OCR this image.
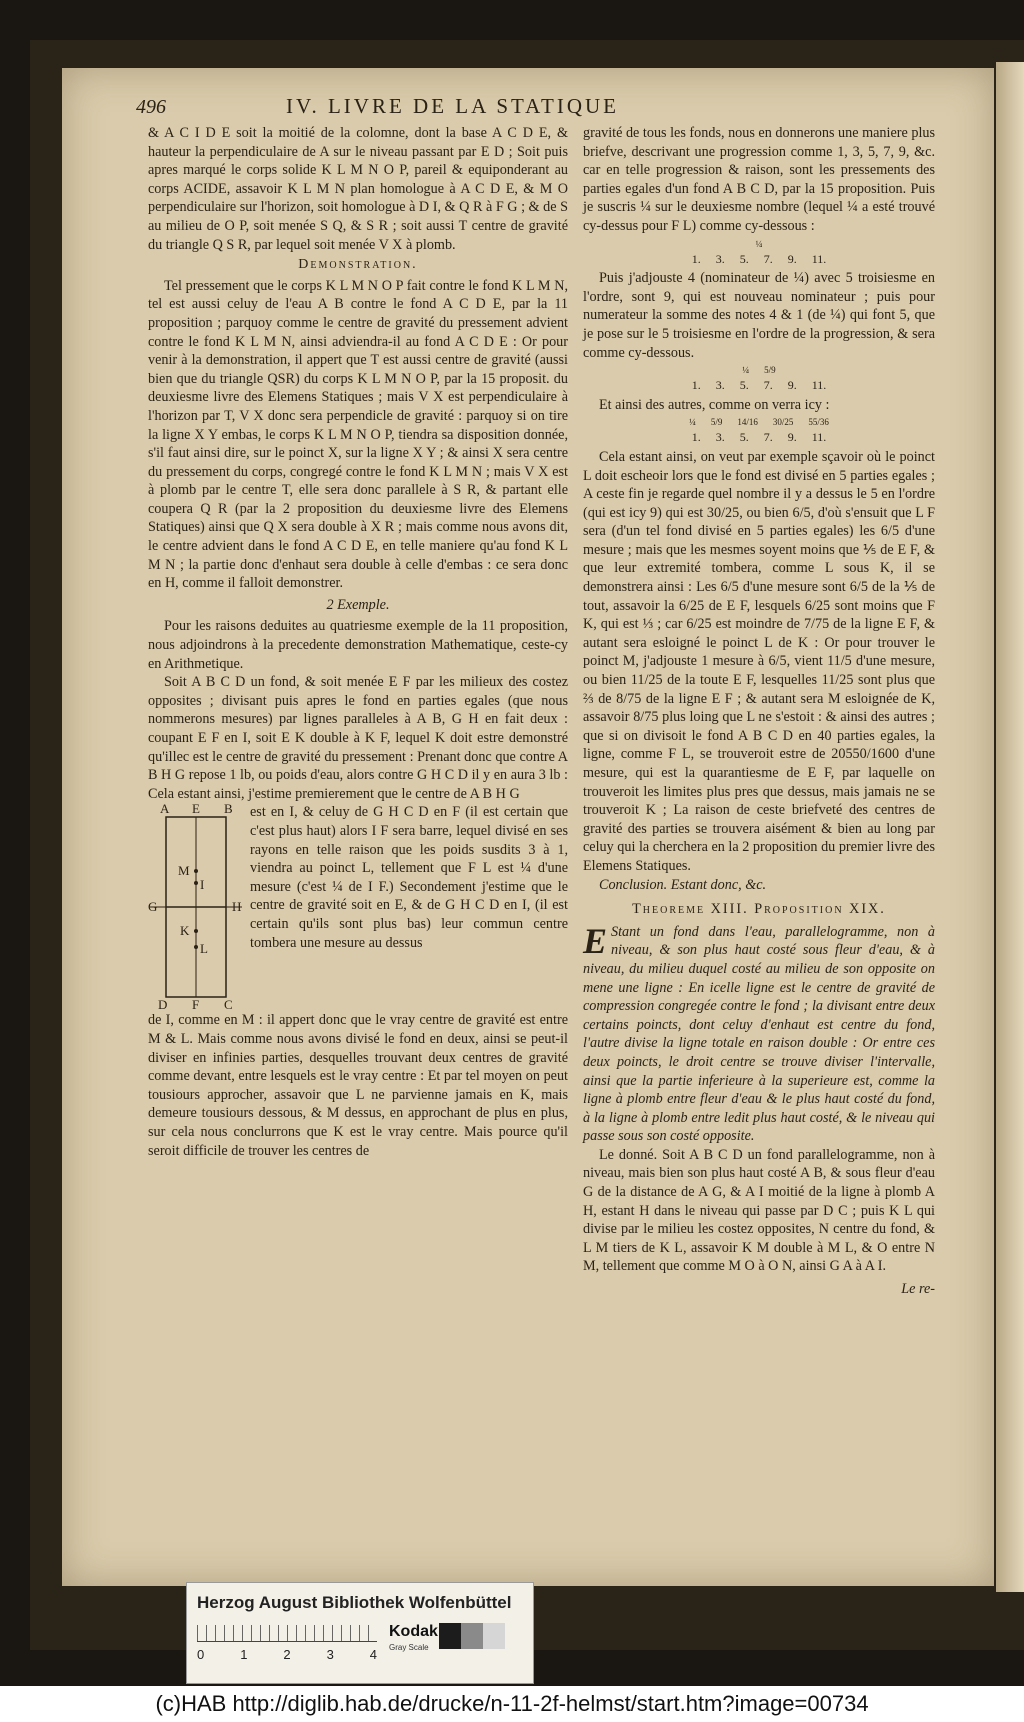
496	IV. LIVRE DE LA STATIQUE

& A C I D E soit la moitié de la colomne, dont la base A C D E, & hauteur la perpendiculaire de A sur le niveau passant par E D ; Soit puis apres marqué le corps solide K L M N O P, pareil & equiponderant au corps ACIDE, assavoir K L M N plan homologue à A C D E, & M O perpendiculaire sur l'horizon, soit homologue à D I, & Q R à F G ; & de S au milieu de O P, soit menée S Q, & S R ; soit aussi T centre de gravité du triangle Q S R, par lequel soit menée V X à plomb.

Demonstration.

Tel pressement que le corps K L M N O P fait contre le fond K L M N, tel est aussi celuy de l'eau A B contre le fond A C D E, par la 11 proposition ; parquoy comme le centre de gravité du pressement advient contre le fond K L M N, ainsi adviendra-il au fond A C D E : Or pour venir à la demonstration, il appert que T est aussi centre de gravité (aussi bien que du triangle QSR) du corps K L M N O P, par la 15 proposit. du deuxiesme livre des Elemens Statiques ; mais V X est perpendiculaire à l'horizon par T, V X donc sera perpendicle de gravité : parquoy si on tire la ligne X Y embas, le corps K L M N O P, tiendra sa disposition donnée, s'il faut ainsi dire, sur le poinct X, sur la ligne X Y ; & ainsi X sera centre du pressement du corps, congregé contre le fond K L M N ; mais V X est à plomb par le centre T, elle sera donc parallele à S R, & partant elle coupera Q R (par la 2 proposition du deuxiesme livre des Elemens Statiques) ainsi que Q X sera double à X R ; mais comme nous avons dit, le centre advient dans le fond A C D E, en telle maniere qu'au fond K L M N ; la partie donc d'enhaut sera double à celle d'embas : ce sera donc en H, comme il falloit demonstrer.

2 Exemple.

Pour les raisons deduites au quatriesme exemple de la 11 proposition, nous adjoindrons à la precedente demonstration Mathematique, ceste-cy en Arithmetique.

Soit A B C D un fond, & soit menée E F par les milieux des costez opposites ; divisant puis apres le fond en parties egales (que nous nommerons mesures) par lignes paralleles à A B, G H en fait deux : coupant E F en I, soit E K double à K F, lequel K doit estre demonstré qu'illec est le centre de gravité du pressement : Prenant donc que contre A B H G repose 1 lb, ou poids d'eau, alors contre G H C D il y en aura 3 lb : Cela estant ainsi, j'estime premierement que le centre de A B H G

A E B
G	H
M
I
K
L
D F C

est en I, & celuy de G H C D en F (il est certain que c'est plus haut) alors I F sera barre, lequel divisé en ses rayons en telle raison que les poids susdits 3 à 1, viendra au poinct L, tellement que F L est ¼ d'une mesure (c'est ¼ de I F.) Secondement j'estime que le centre de gravité soit en E, & de G H C D en I, (il est certain qu'ils sont plus bas) leur commun centre tombera une mesure au dessus

de I, comme en M : il appert donc que le vray centre de gravité est entre M & L. Mais comme nous avons divisé le fond en deux, ainsi se peut-il diviser en infinies parties, desquelles trouvant deux centres de gravité comme devant, entre lesquels est le vray centre : Et par tel moyen on peut tousiours approcher, assavoir que L ne parvienne jamais en K, mais demeure tousiours dessous, & M dessus, en approchant de plus en plus, sur cela nous conclurrons que K est le vray centre. Mais pource qu'il seroit difficile de trouver les centres de

gravité de tous les fonds, nous en donnerons une maniere plus briefve, descrivant une progression comme 1, 3, 5, 7, 9, &c. car en telle progression & raison, sont les pressements des parties egales d'un fond A B C D, par la 15 proposition. Puis je suscris ¼ sur le deuxiesme nombre (lequel ¼ a esté trouvé cy-dessus pour F L) comme cy-dessous :

¼
1. 3. 5. 7. 9. 11.

Puis j'adjouste 4 (nominateur de ¼) avec 5 troisiesme en l'ordre, sont 9, qui est nouveau nominateur ; puis pour numerateur la somme des notes 4 & 1 (de ¼) qui font 5, que je pose sur le 5 troisiesme en l'ordre de la progression, & sera comme cy-dessous.

¼ 5/9
1. 3. 5. 7. 9. 11.

Et ainsi des autres, comme on verra icy :

¼ 5/9 14/16 30/25 55/36
1. 3. 5. 7. 9. 11.

Cela estant ainsi, on veut par exemple sçavoir où le poinct L doit escheoir lors que le fond est divisé en 5 parties egales ; A ceste fin je regarde quel nombre il y a dessus le 5 en l'ordre (qui est icy 9) qui est 30/25, ou bien 6/5, d'où s'ensuit que L F sera (d'un tel fond divisé en 5 parties egales) les 6/5 d'une mesure ; mais que les mesmes soyent moins que ⅕ de E F, & que leur extremité tombera, comme L sous K, il se demonstrera ainsi : Les 6/5 d'une mesure sont 6/5 de la ⅕ de tout, assavoir la 6/25 de E F, lesquels 6/25 sont moins que F K, qui est ⅓ ; car 6/25 est moindre de 7/75 de la ligne E F, & autant sera esloigné le poinct L de K : Or pour trouver le poinct M, j'adjouste 1 mesure à 6/5, vient 11/5 d'une mesure, ou bien 11/25 de la toute E F, lesquelles 11/25 sont plus que ⅔ de 8/75 de la ligne E F ; & autant sera M esloignée de K, assavoir 8/75 plus loing que L ne s'estoit : & ainsi des autres ; que si on divisoit le fond A B C D en 40 parties egales, la ligne, comme F L, se trouveroit estre de 20550/1600 d'une mesure, qui est la quarantiesme de E F, par laquelle on trouveroit les limites plus pres que dessus, mais jamais ne se trouveroit K ; La raison de ceste briefveté des centres de gravité des parties se trouvera aisément & bien au long par celuy qui la cherchera en la 2 proposition du premier livre des Elemens Statiques.

Conclusion. Estant donc, &c.

Theoreme XIII. Proposition XIX.

E Stant un fond dans l'eau, parallelogramme, non à niveau, & son plus haut costé sous fleur d'eau, & à niveau, du milieu duquel costé au milieu de son opposite on mene une ligne : En icelle ligne est le centre de gravité de compression congregée contre le fond ; la divisant entre deux certains poincts, dont celuy d'enhaut est centre du fond, l'autre divise la ligne totale en raison double : Or entre ces deux poincts, le droit centre se trouve diviser l'intervalle, ainsi que la partie inferieure à la superieure est, comme la ligne à plomb entre fleur d'eau & le plus haut costé du fond, à la ligne à plomb entre ledit plus haut costé, & le niveau qui passe sous son costé opposite.

Le donné. Soit A B C D un fond parallelogramme, non à niveau, mais bien son plus haut costé A B, & sous fleur d'eau G de la distance de A G, & A I moitié de la ligne à plomb A H, estant H dans le niveau qui passe par D C ; puis K L qui divise par le milieu les costez opposites, N centre du fond, & L M tiers de K L, assavoir K M double à M L, & O entre N M, tellement que comme M O à O N, ainsi G A à A I.

Le re-

Herzog August Bibliothek Wolfenbüttel
0	1	2	3	4
Kodak
Gray Scale
(c)HAB http://diglib.hab.de/drucke/n-11-2f-helmst/start.htm?image=00734
